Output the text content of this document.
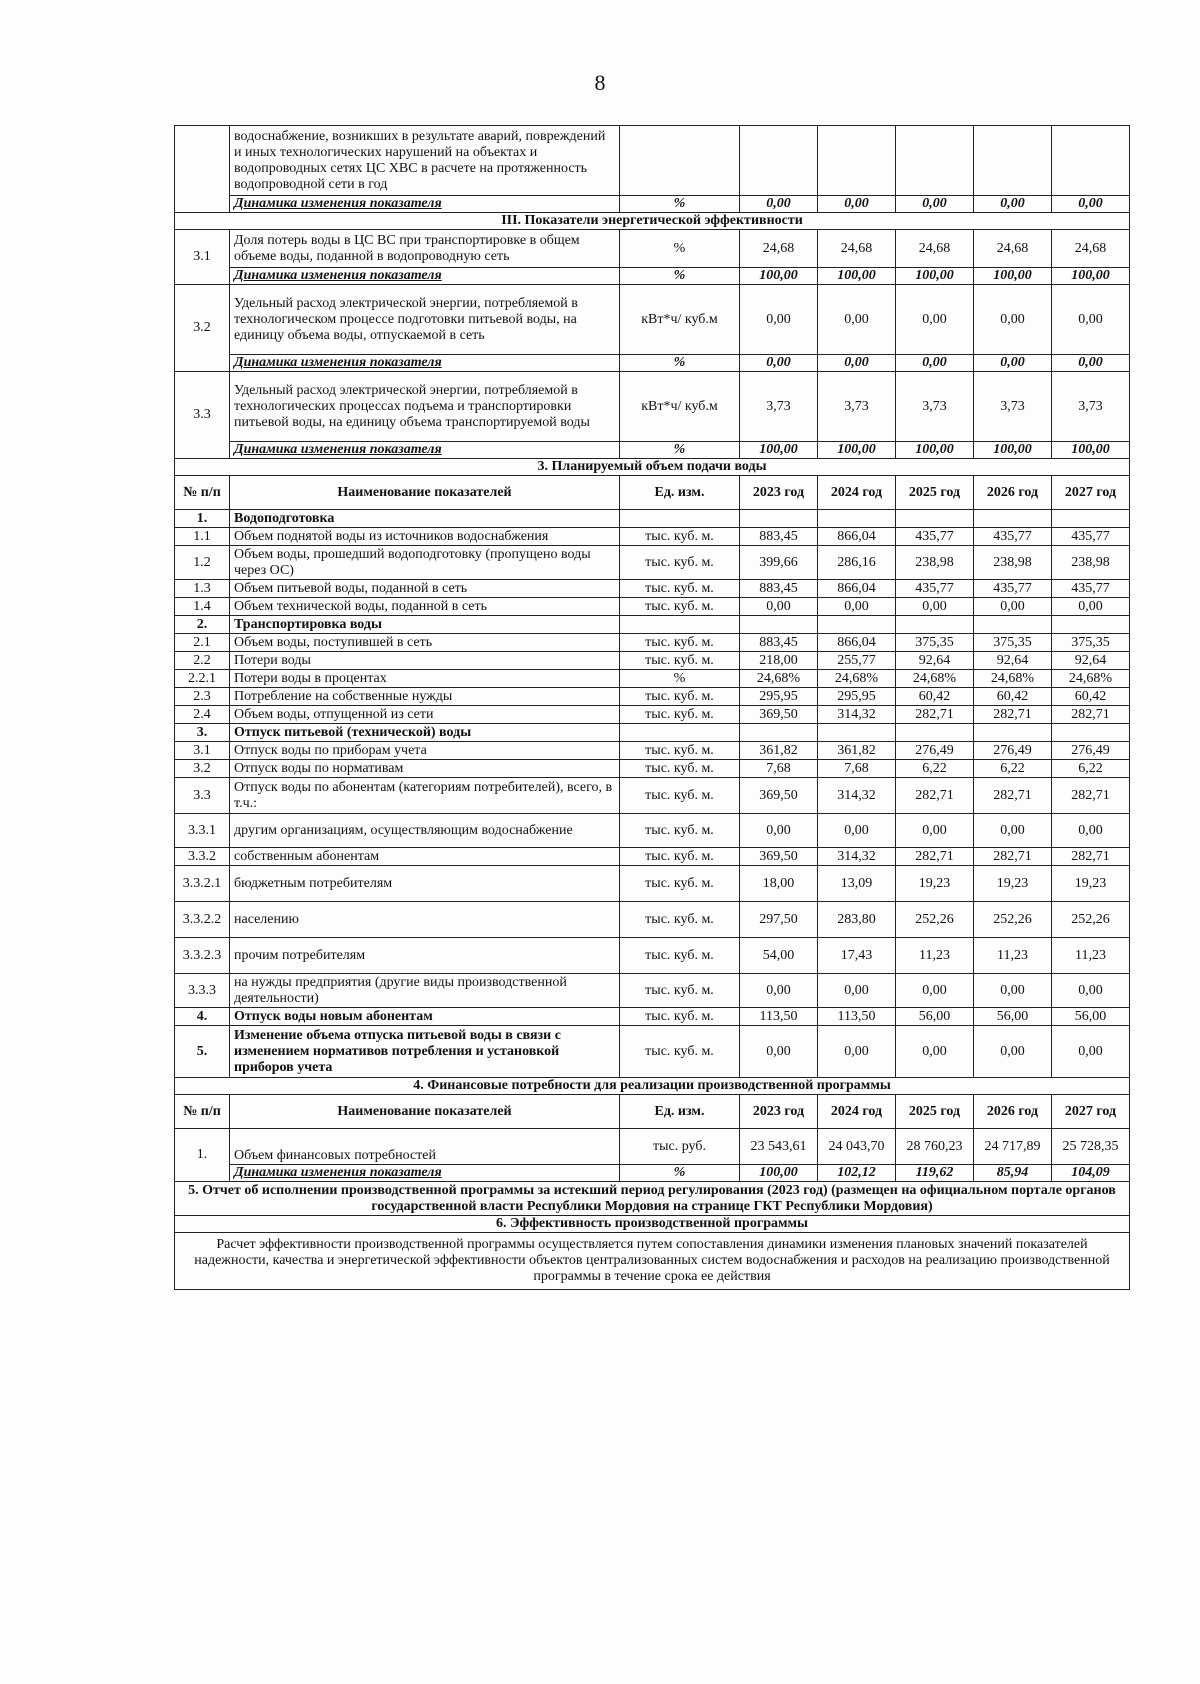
8
	водоснабжение, возникших в результате аварий, повреждений и иных технологических нарушений на объектах и водопроводных сетях ЦС ХВС в расчете на протяженность водопроводной сети в год						
	Динамика изменения показателя	%	0,00	0,00	0,00	0,00	0,00
III. Показатели энергетической эффективности							
3.1	Доля потерь воды в ЦС ВС при транспортировке в общем объеме воды, поданной в водопроводную сеть	%	24,68	24,68	24,68	24,68	24,68
	Динамика изменения показателя	%	100,00	100,00	100,00	100,00	100,00
3.2	Удельный расход электрической энергии, потребляемой в технологическом процессе подготовки питьевой воды, на единицу объема воды, отпускаемой в сеть	кВт*ч/ куб.м	0,00	0,00	0,00	0,00	0,00
	Динамика изменения показателя	%	0,00	0,00	0,00	0,00	0,00
3.3	Удельный расход электрической энергии, потребляемой в технологических процессах подъема и транспортировки питьевой воды, на единицу объема транспортируемой воды	кВт*ч/ куб.м	3,73	3,73	3,73	3,73	3,73
	Динамика изменения показателя	%	100,00	100,00	100,00	100,00	100,00
3. Планируемый объем подачи воды							
№ п/п	Наименование показателей	Ед. изм.	2023 год	2024 год	2025 год	2026 год	2027 год
1.	Водоподготовка						
1.1	Объем поднятой воды из источников водоснабжения	тыс. куб. м.	883,45	866,04	435,77	435,77	435,77
1.2	Объем воды, прошедший водоподготовку (пропущено воды через ОС)	тыс. куб. м.	399,66	286,16	238,98	238,98	238,98
1.3	Объем питьевой воды, поданной в сеть	тыс. куб. м.	883,45	866,04	435,77	435,77	435,77
1.4	Объем технической воды, поданной в сеть	тыс. куб. м.	0,00	0,00	0,00	0,00	0,00
2.	Транспортировка воды						
2.1	Объем воды, поступившей в сеть	тыс. куб. м.	883,45	866,04	375,35	375,35	375,35
2.2	Потери воды	тыс. куб. м.	218,00	255,77	92,64	92,64	92,64
2.2.1	Потери воды в процентах	%	24,68%	24,68%	24,68%	24,68%	24,68%
2.3	Потребление на собственные нужды	тыс. куб. м.	295,95	295,95	60,42	60,42	60,42
2.4	Объем воды, отпущенной из сети	тыс. куб. м.	369,50	314,32	282,71	282,71	282,71
3.	Отпуск питьевой (технической) воды						
3.1	Отпуск воды по приборам учета	тыс. куб. м.	361,82	361,82	276,49	276,49	276,49
3.2	Отпуск воды по нормативам	тыс. куб. м.	7,68	7,68	6,22	6,22	6,22
3.3	Отпуск воды по абонентам (категориям потребителей), всего, в т.ч.:	тыс. куб. м.	369,50	314,32	282,71	282,71	282,71
3.3.1	другим организациям, осуществляющим водоснабжение	тыс. куб. м.	0,00	0,00	0,00	0,00	0,00
3.3.2	собственным абонентам	тыс. куб. м.	369,50	314,32	282,71	282,71	282,71
3.3.2.1	бюджетным потребителям	тыс. куб. м.	18,00	13,09	19,23	19,23	19,23
3.3.2.2	населению	тыс. куб. м.	297,50	283,80	252,26	252,26	252,26
3.3.2.3	прочим потребителям	тыс. куб. м.	54,00	17,43	11,23	11,23	11,23
3.3.3	на нужды предприятия (другие виды производственной деятельности)	тыс. куб. м.	0,00	0,00	0,00	0,00	0,00
4.	Отпуск воды новым абонентам	тыс. куб. м.	113,50	113,50	56,00	56,00	56,00
5.	Изменение объема отпуска питьевой воды в связи с изменением нормативов потребления и установкой приборов учета	тыс. куб. м.	0,00	0,00	0,00	0,00	0,00
4. Финансовые потребности для реализации производственной программы							
№ п/п	Наименование показателей	Ед. изм.	2023 год	2024 год	2025 год	2026 год	2027 год
1.	Объем финансовых потребностей	тыс. руб.	23 543,61	24 043,70	28 760,23	24 717,89	25 728,35
	Динамика изменения показателя	%	100,00	102,12	119,62	85,94	104,09
5. Отчет об исполнении производственной программы за истекший период регулирования (2023 год) (размещен на официальном портале органов государственной власти Республики Мордовия на странице ГКТ Республики Мордовия)							
6. Эффективность производственной программы							
Расчет эффективности производственной программы осуществляется путем сопоставления динамики изменения плановых значений показателей надежности, качества и энергетической эффективности объектов централизованных систем водоснабжения и расходов на реализацию производственной программы в течение срока ее действия							
